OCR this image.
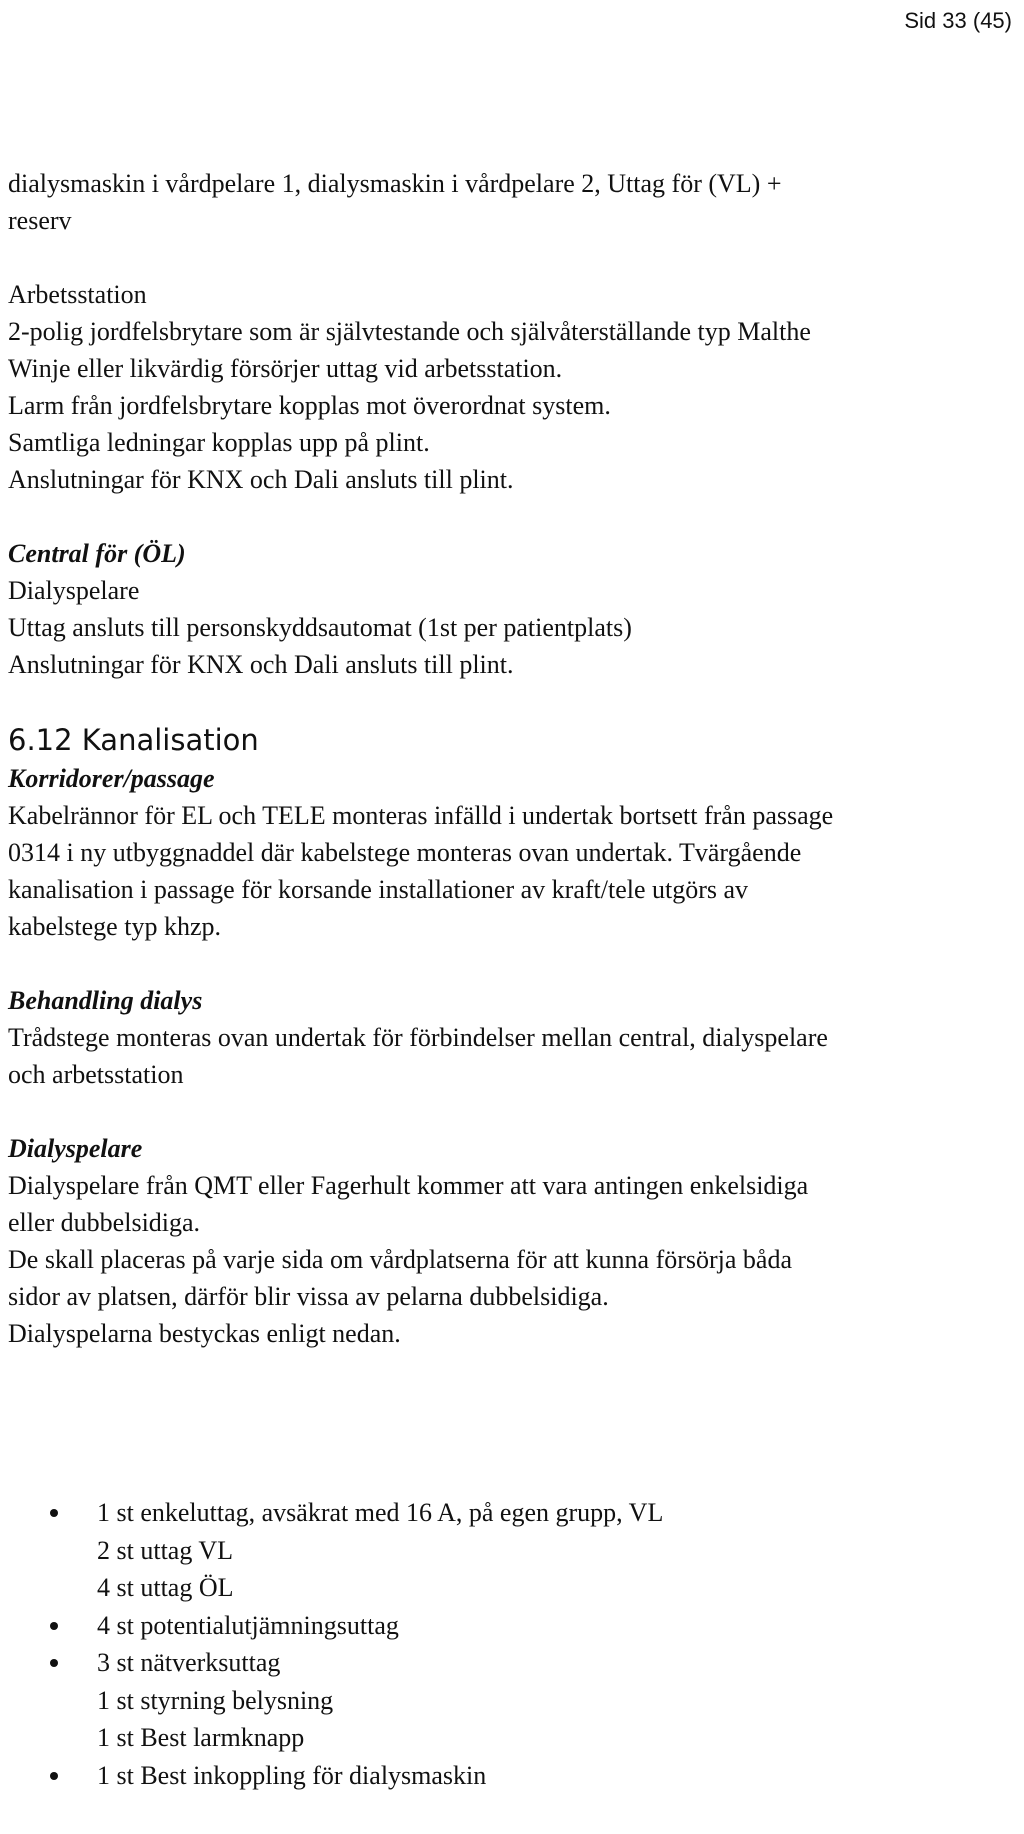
Sid 33 (45)
dialysmaskin i vårdpelare 1, dialysmaskin i vårdpelare 2, Uttag för (VL) +
reserv
Arbetsstation
2-polig jordfelsbrytare som är självtestande och självåterställande typ Malthe
Winje eller likvärdig försörjer uttag vid arbetsstation.
Larm från jordfelsbrytare kopplas mot överordnat system.
Samtliga ledningar kopplas upp på plint.
Anslutningar för KNX och Dali ansluts till plint.
Central för (ÖL)
Dialyspelare
Uttag ansluts till personskyddsautomat (1st per patientplats)
Anslutningar för KNX och Dali ansluts till plint.
6.12 Kanalisation
Korridorer/passage
Kabelrännor för EL och TELE monteras infälld i undertak bortsett från passage
0314 i ny utbyggnaddel där kabelstege monteras ovan undertak. Tvärgående
kanalisation i passage för korsande installationer av kraft/tele utgörs av
kabelstege typ khzp.
Behandling dialys
Trådstege monteras ovan undertak för förbindelser mellan central, dialyspelare
och arbetsstation
Dialyspelare
Dialyspelare från QMT eller Fagerhult kommer att vara antingen enkelsidiga
eller dubbelsidiga.
De skall placeras på varje sida om vårdplatserna för att kunna försörja båda
sidor av platsen, därför blir vissa av pelarna dubbelsidiga.
Dialyspelarna bestyckas enligt nedan.
1 st enkeluttag, avsäkrat med 16 A, på egen grupp, VL
2 st uttag VL
4 st uttag ÖL
4 st potentialutjämningsuttag
3 st nätverksuttag
1 st styrning belysning
1 st Best larmknapp
1 st Best inkoppling för dialysmaskin
